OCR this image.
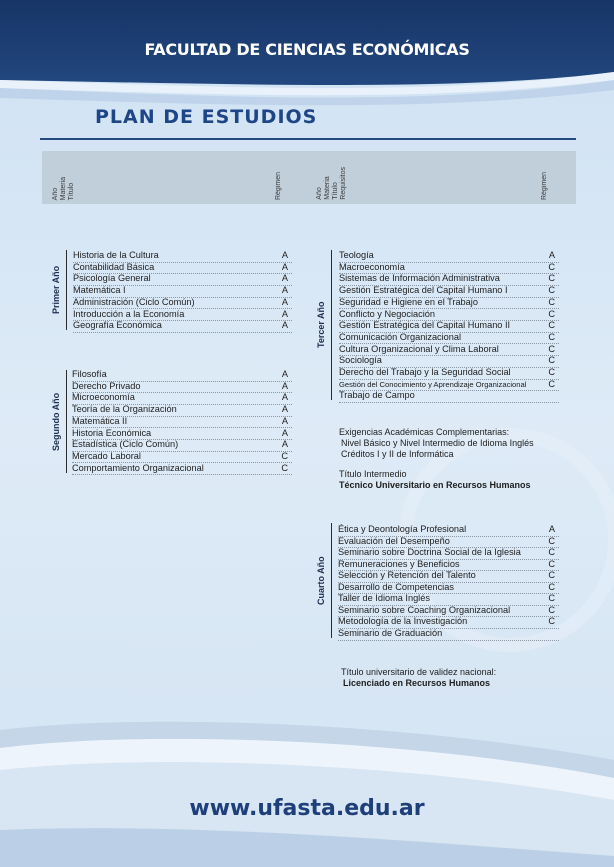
FACULTAD DE CIENCIAS ECONÓMICAS
PLAN DE ESTUDIOS
Año Materia Título	Régimen	Año Materia Título Requisitos	Régimen
Primer Año
Segundo Año
Tercer Año
Cuarto Año
Historia de la Cultura	A
Contabilidad Básica	A
Psicología General	A
Matemática I	A
Administración (Ciclo Común)	A
Introducción a la Economía	A
Geografía Económica	A
Filosofía	A
Derecho Privado	A
Microeconomía	A
Teoría de la Organización	A
Matemática II	A
Historia Económica	A
Estadística (Ciclo Común)	A
Mercado Laboral	C
Comportamiento Organizacional	C
Teología	A
Macroeconomía	C
Sistemas de Información Administrativa	C
Gestión Estratégica del Capital Humano I	C
Seguridad e Higiene en el Trabajo	C
Conflicto y Negociación	C
Gestión Estratégica del Capital Humano II	C
Comunicación Organizacional	C
Cultura Organizacional y Clima Laboral	C
Sociología	C
Derecho del Trabajo y la Seguridad Social	C
Gestión del Conocimiento y Aprendizaje Organizacional C
Trabajo de Campo
Ética y Deontología Profesional	A
Evaluación del Desempeño	C
Seminario sobre Doctrina Social de la Iglesia	C
Remuneraciones y Beneficios	C
Selección y Retención del Talento	C
Desarrollo de Competencias	C
Taller de Idioma Inglés	C
Seminario sobre Coaching Organizacional	C
Metodología de la Investigación	C
Seminario de Graduación
Exigencias Académicas Complementarias:
Nivel Básico y Nivel Intermedio de Idioma Inglés
Créditos I y II de Informática
Título Intermedio
Técnico Universitario en Recursos Humanos
Título universitario de validez nacional:
Licenciado en Recursos Humanos
www.ufasta.edu.ar
